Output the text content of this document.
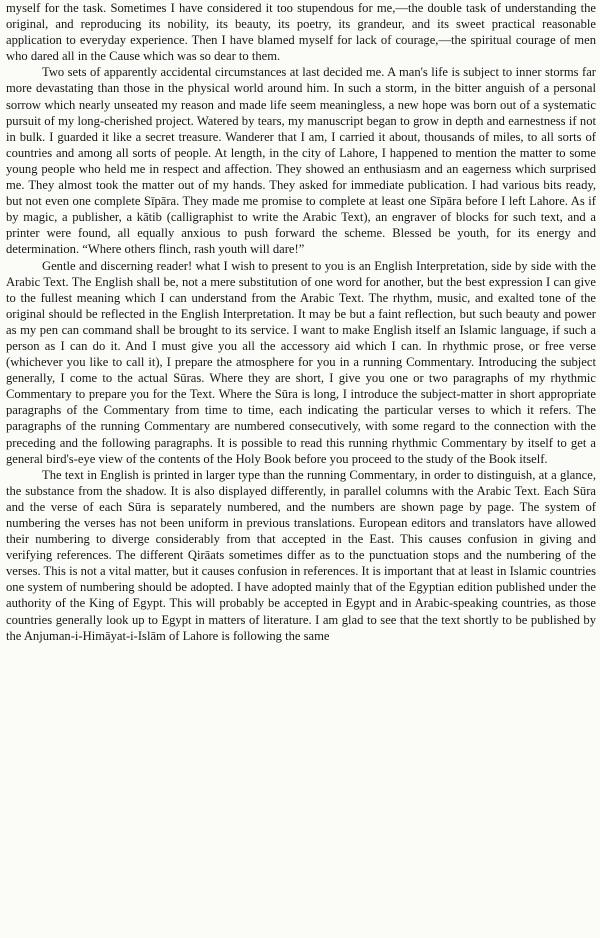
myself for the task. Sometimes I have considered it too stupendous for me,—the double task of understanding the original, and reproducing its nobility, its beauty, its poetry, its grandeur, and its sweet practical reasonable application to everyday experience. Then I have blamed myself for lack of courage,—the spiritual courage of men who dared all in the Cause which was so dear to them.

Two sets of apparently accidental circumstances at last decided me. A man's life is subject to inner storms far more devastating than those in the physical world around him. In such a storm, in the bitter anguish of a personal sorrow which nearly unseated my reason and made life seem meaningless, a new hope was born out of a systematic pursuit of my long-cherished project. Watered by tears, my manuscript began to grow in depth and earnestness if not in bulk. I guarded it like a secret treasure. Wanderer that I am, I carried it about, thousands of miles, to all sorts of countries and among all sorts of people. At length, in the city of Lahore, I happened to mention the matter to some young people who held me in respect and affection. They showed an enthusiasm and an eagerness which surprised me. They almost took the matter out of my hands. They asked for immediate publication. I had various bits ready, but not even one complete Sīpāra. They made me promise to complete at least one Sīpāra before I left Lahore. As if by magic, a publisher, a kātib (calligraphist to write the Arabic Text), an engraver of blocks for such text, and a printer were found, all equally anxious to push forward the scheme. Blessed be youth, for its energy and determination. “Where others flinch, rash youth will dare!”

Gentle and discerning reader! what I wish to present to you is an English Interpretation, side by side with the Arabic Text. The English shall be, not a mere substitution of one word for another, but the best expression I can give to the fullest meaning which I can understand from the Arabic Text. The rhythm, music, and exalted tone of the original should be reflected in the English Interpretation. It may be but a faint reflection, but such beauty and power as my pen can command shall be brought to its service. I want to make English itself an Islamic language, if such a person as I can do it. And I must give you all the accessory aid which I can. In rhythmic prose, or free verse (whichever you like to call it), I prepare the atmosphere for you in a running Commentary. Introducing the subject generally, I come to the actual Sūras. Where they are short, I give you one or two paragraphs of my rhythmic Commentary to prepare you for the Text. Where the Sūra is long, I introduce the subject-matter in short appropriate paragraphs of the Commentary from time to time, each indicating the particular verses to which it refers. The paragraphs of the running Commentary are numbered consecutively, with some regard to the connection with the preceding and the following paragraphs. It is possible to read this running rhythmic Commentary by itself to get a general bird's-eye view of the contents of the Holy Book before you proceed to the study of the Book itself.

The text in English is printed in larger type than the running Commentary, in order to distinguish, at a glance, the substance from the shadow. It is also displayed differently, in parallel columns with the Arabic Text. Each Sūra and the verse of each Sūra is separately numbered, and the numbers are shown page by page. The system of numbering the verses has not been uniform in previous translations. European editors and translators have allowed their numbering to diverge considerably from that accepted in the East. This causes confusion in giving and verifying references. The different Qirāats sometimes differ as to the punctuation stops and the numbering of the verses. This is not a vital matter, but it causes confusion in references. It is important that at least in Islamic countries one system of numbering should be adopted. I have adopted mainly that of the Egyptian edition published under the authority of the King of Egypt. This will probably be accepted in Egypt and in Arabic-speaking countries, as those countries generally look up to Egypt in matters of literature. I am glad to see that the text shortly to be published by the Anjuman-i-Himāyat-i-Islām of Lahore is following the same
